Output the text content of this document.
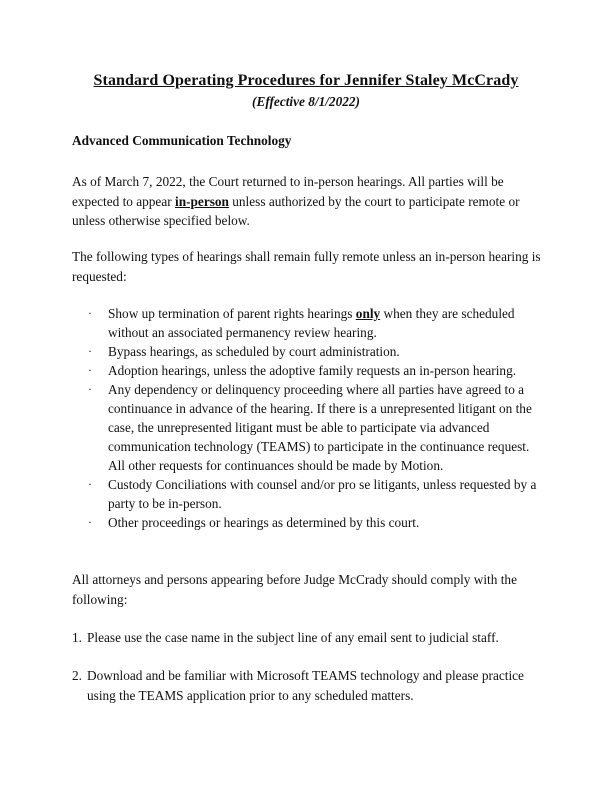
Standard Operating Procedures for Jennifer Staley McCrady
(Effective 8/1/2022)
Advanced Communication Technology
As of March 7, 2022, the Court returned to in-person hearings. All parties will be expected to appear in-person unless authorized by the court to participate remote or unless otherwise specified below.
The following types of hearings shall remain fully remote unless an in-person hearing is requested:
· Show up termination of parent rights hearings only when they are scheduled without an associated permanency review hearing.
· Bypass hearings, as scheduled by court administration.
· Adoption hearings, unless the adoptive family requests an in-person hearing.
· Any dependency or delinquency proceeding where all parties have agreed to a continuance in advance of the hearing. If there is a unrepresented litigant on the case, the unrepresented litigant must be able to participate via advanced communication technology (TEAMS) to participate in the continuance request. All other requests for continuances should be made by Motion.
· Custody Conciliations with counsel and/or pro se litigants, unless requested by a party to be in-person.
· Other proceedings or hearings as determined by this court.
All attorneys and persons appearing before Judge McCrady should comply with the following:
1. Please use the case name in the subject line of any email sent to judicial staff.
2. Download and be familiar with Microsoft TEAMS technology and please practice using the TEAMS application prior to any scheduled matters.
